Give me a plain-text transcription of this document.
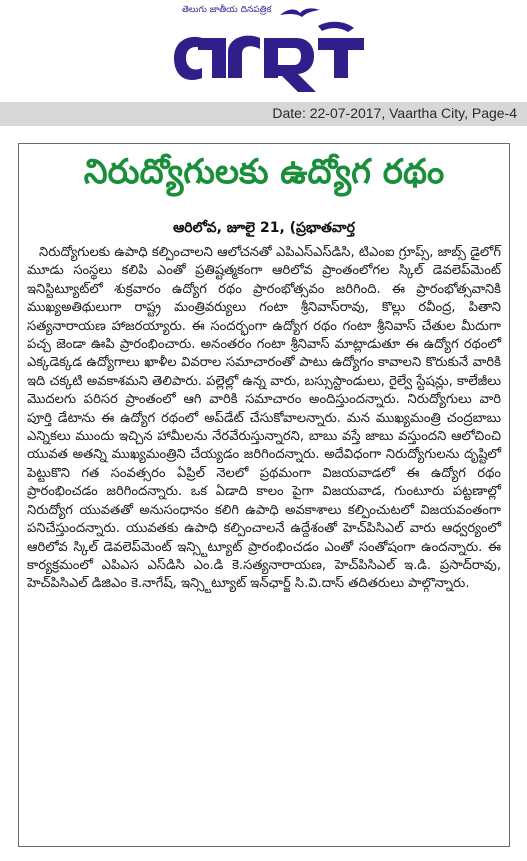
తెలుగు జాతీయ దినపత్రిక
Date: 22-07-2017, Vaartha City, Page-4
నిరుద్యోగులకు ఉద్యోగ రథం
ఆరిలోవ, జూలై 21, (ప్రభాతవార్త

నిరుద్యోగులకు ఉపాధి కల్పించాలని ఆలోచనతో ఎపిఎస్ఎస్‌డిసి, టిఎంఐ గ్రూప్స్, జాబ్స్ డైలోగ్ మూడు సంస్థలు కలిపి ఎంతో ప్రతిష్టత్మకంగా ఆరిలోవ ప్రాంతంలోగల స్కిల్ డెవలెప్‌మెంట్ ఇనిస్టిట్యూట్‌లో శుక్రవారం ఉద్యోగ రథం ప్రారంభోత్సవం జరిగింది. ఈ ప్రారంభోత్సవానికి ముఖ్యఅతిథులుగా రాష్ట్ర మంత్రివర్యులు గంటా శ్రీనివాస్‌రావు, కొల్లు రవీంద్ర, పితాని సత్యనారాయణ హాజరయ్యారు. ఈ సందర్భంగా ఉద్యోగ రథం గంటా శ్రీనివాస్ చేతుల మీదుగా పచ్చ జెండా ఊపి ప్రారంభించారు. అనంతరం గంటా శ్రీనివాస్ మాట్లాడుతూ ఈ ఉద్యోగ రథంలో ఎక్కడెక్కడ ఉద్యోగాలు ఖాళీల వివరాల సమాచారంతో పాటు ఉద్యోగం కావాలని కొరుకునే వారికి ఇది చక్కటి అవకాశమని తెలిపారు. పల్లెల్లో ఉన్న వారు, బస్సుస్టాండులు, రైల్వే స్టేషన్లు, కాలేజీలు మొదలగు పరిసర ప్రాంతంలో ఆగి వారికి సమాచారం అందిస్తుందన్నారు. నిరుద్యోగులు వారి పూర్తి డేటాను ఈ ఉద్యోగ రథంలో అప్‌డేట్ చేసుకోవాలన్నారు. మన ముఖ్యమంత్రి చంద్రబాబు ఎన్నికలు ముందు ఇచ్చిన హామీలను నేరవేరుస్తున్నారని, బాబు వస్తే జాబు వస్తుందని ఆలోచించి యువత అతన్ని ముఖ్యమంత్రిని చేయ్యడం జరిగిందన్నారు. అదేవిధంగా నిరుద్యోగులను దృష్టిలో పెట్టుకొని గత సంవత్సరం ఏప్రిల్ నెలలో ప్రథమంగా విజయవాడలో ఈ ఉద్యోగ రథం ప్రారంభించడం జరిగిందన్నారు. ఒక ఏడాది కాలం పైగా విజయవాడ, గుంటూరు పట్టణాల్లో నిరుద్యోగ యువతతో అనుసంధానం కలిగి ఉపాధి అవకాశాలు కల్పించుటలో విజయవంతంగా పనిచేస్తుందన్నారు. యువతకు ఉపాధి కల్పించాలనే ఉద్దేశంతో హెచ్‌పిసిఎల్ వారు ఆధ్వర్యంలో ఆరిలోవ స్కిల్ డెవలెప్‌మెంట్ ఇన్స్టిట్యూట్ ప్రారంభించడం ఎంతో సంతోషంగా ఉందన్నారు. ఈ కార్యక్రమంలో ఎపిఎస ఎస్‌డిసి ఎం.డి కె.సత్యనారాయణ, హెచ్‌పిసిఎల్ ఇ.డి. ప్రసాద్‌రావు, హెచ్‌పిసిఎల్ డిజిఎం కె.నాగేష్, ఇన్స్టిట్యూట్ ఇన్‌ఛార్జ్ సి.వి.దాస్ తదితరులు పాల్గొన్నారు.
